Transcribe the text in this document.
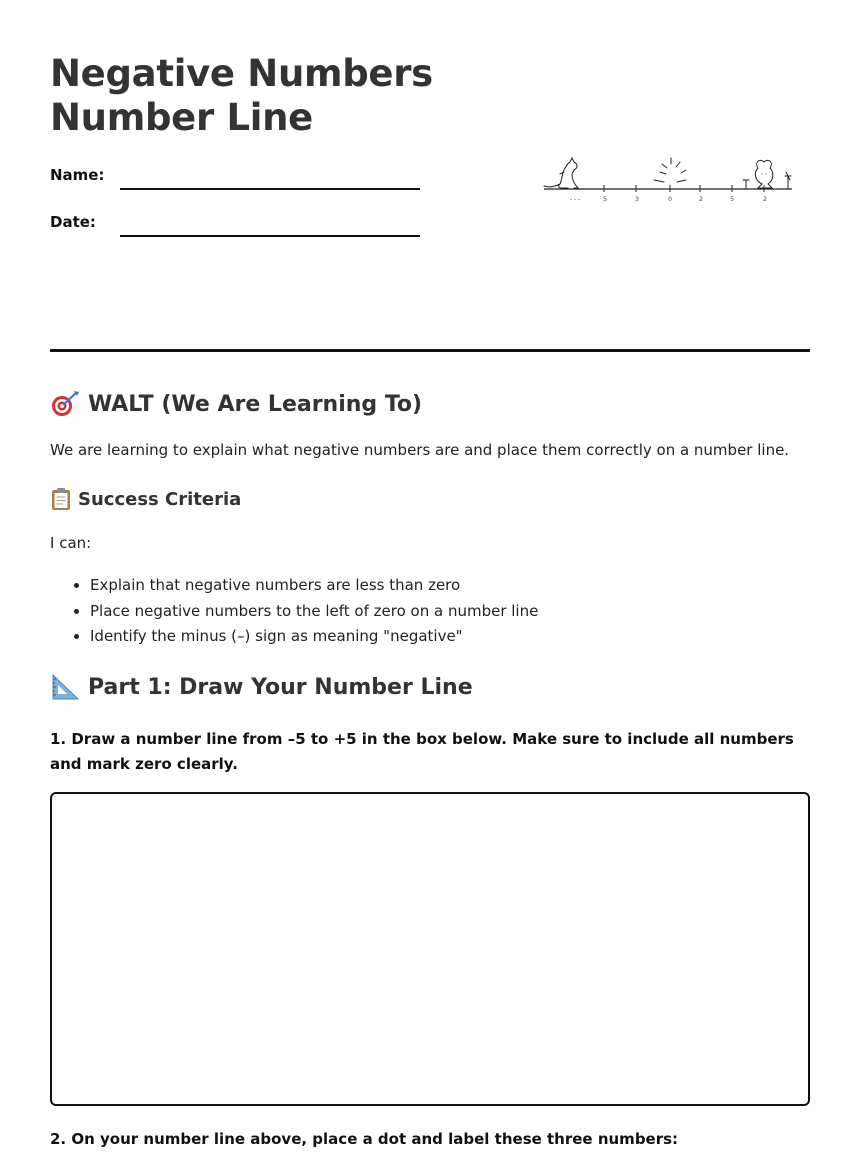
Negative Numbers
Number Line
Name:
Date:
- - -	5	3	0	2	5	2
WALT (We Are Learning To)

We are learning to explain what negative numbers are and place them correctly on a number line.

Success Criteria

I can:

• Explain that negative numbers are less than zero
• Place negative numbers to the left of zero on a number line
• Identify the minus (–) sign as meaning "negative"
Part 1: Draw Your Number Line

1. Draw a number line from –5 to +5 in the box below. Make sure to include all numbers and mark zero clearly.

2. On your number line above, place a dot and label these three numbers:
